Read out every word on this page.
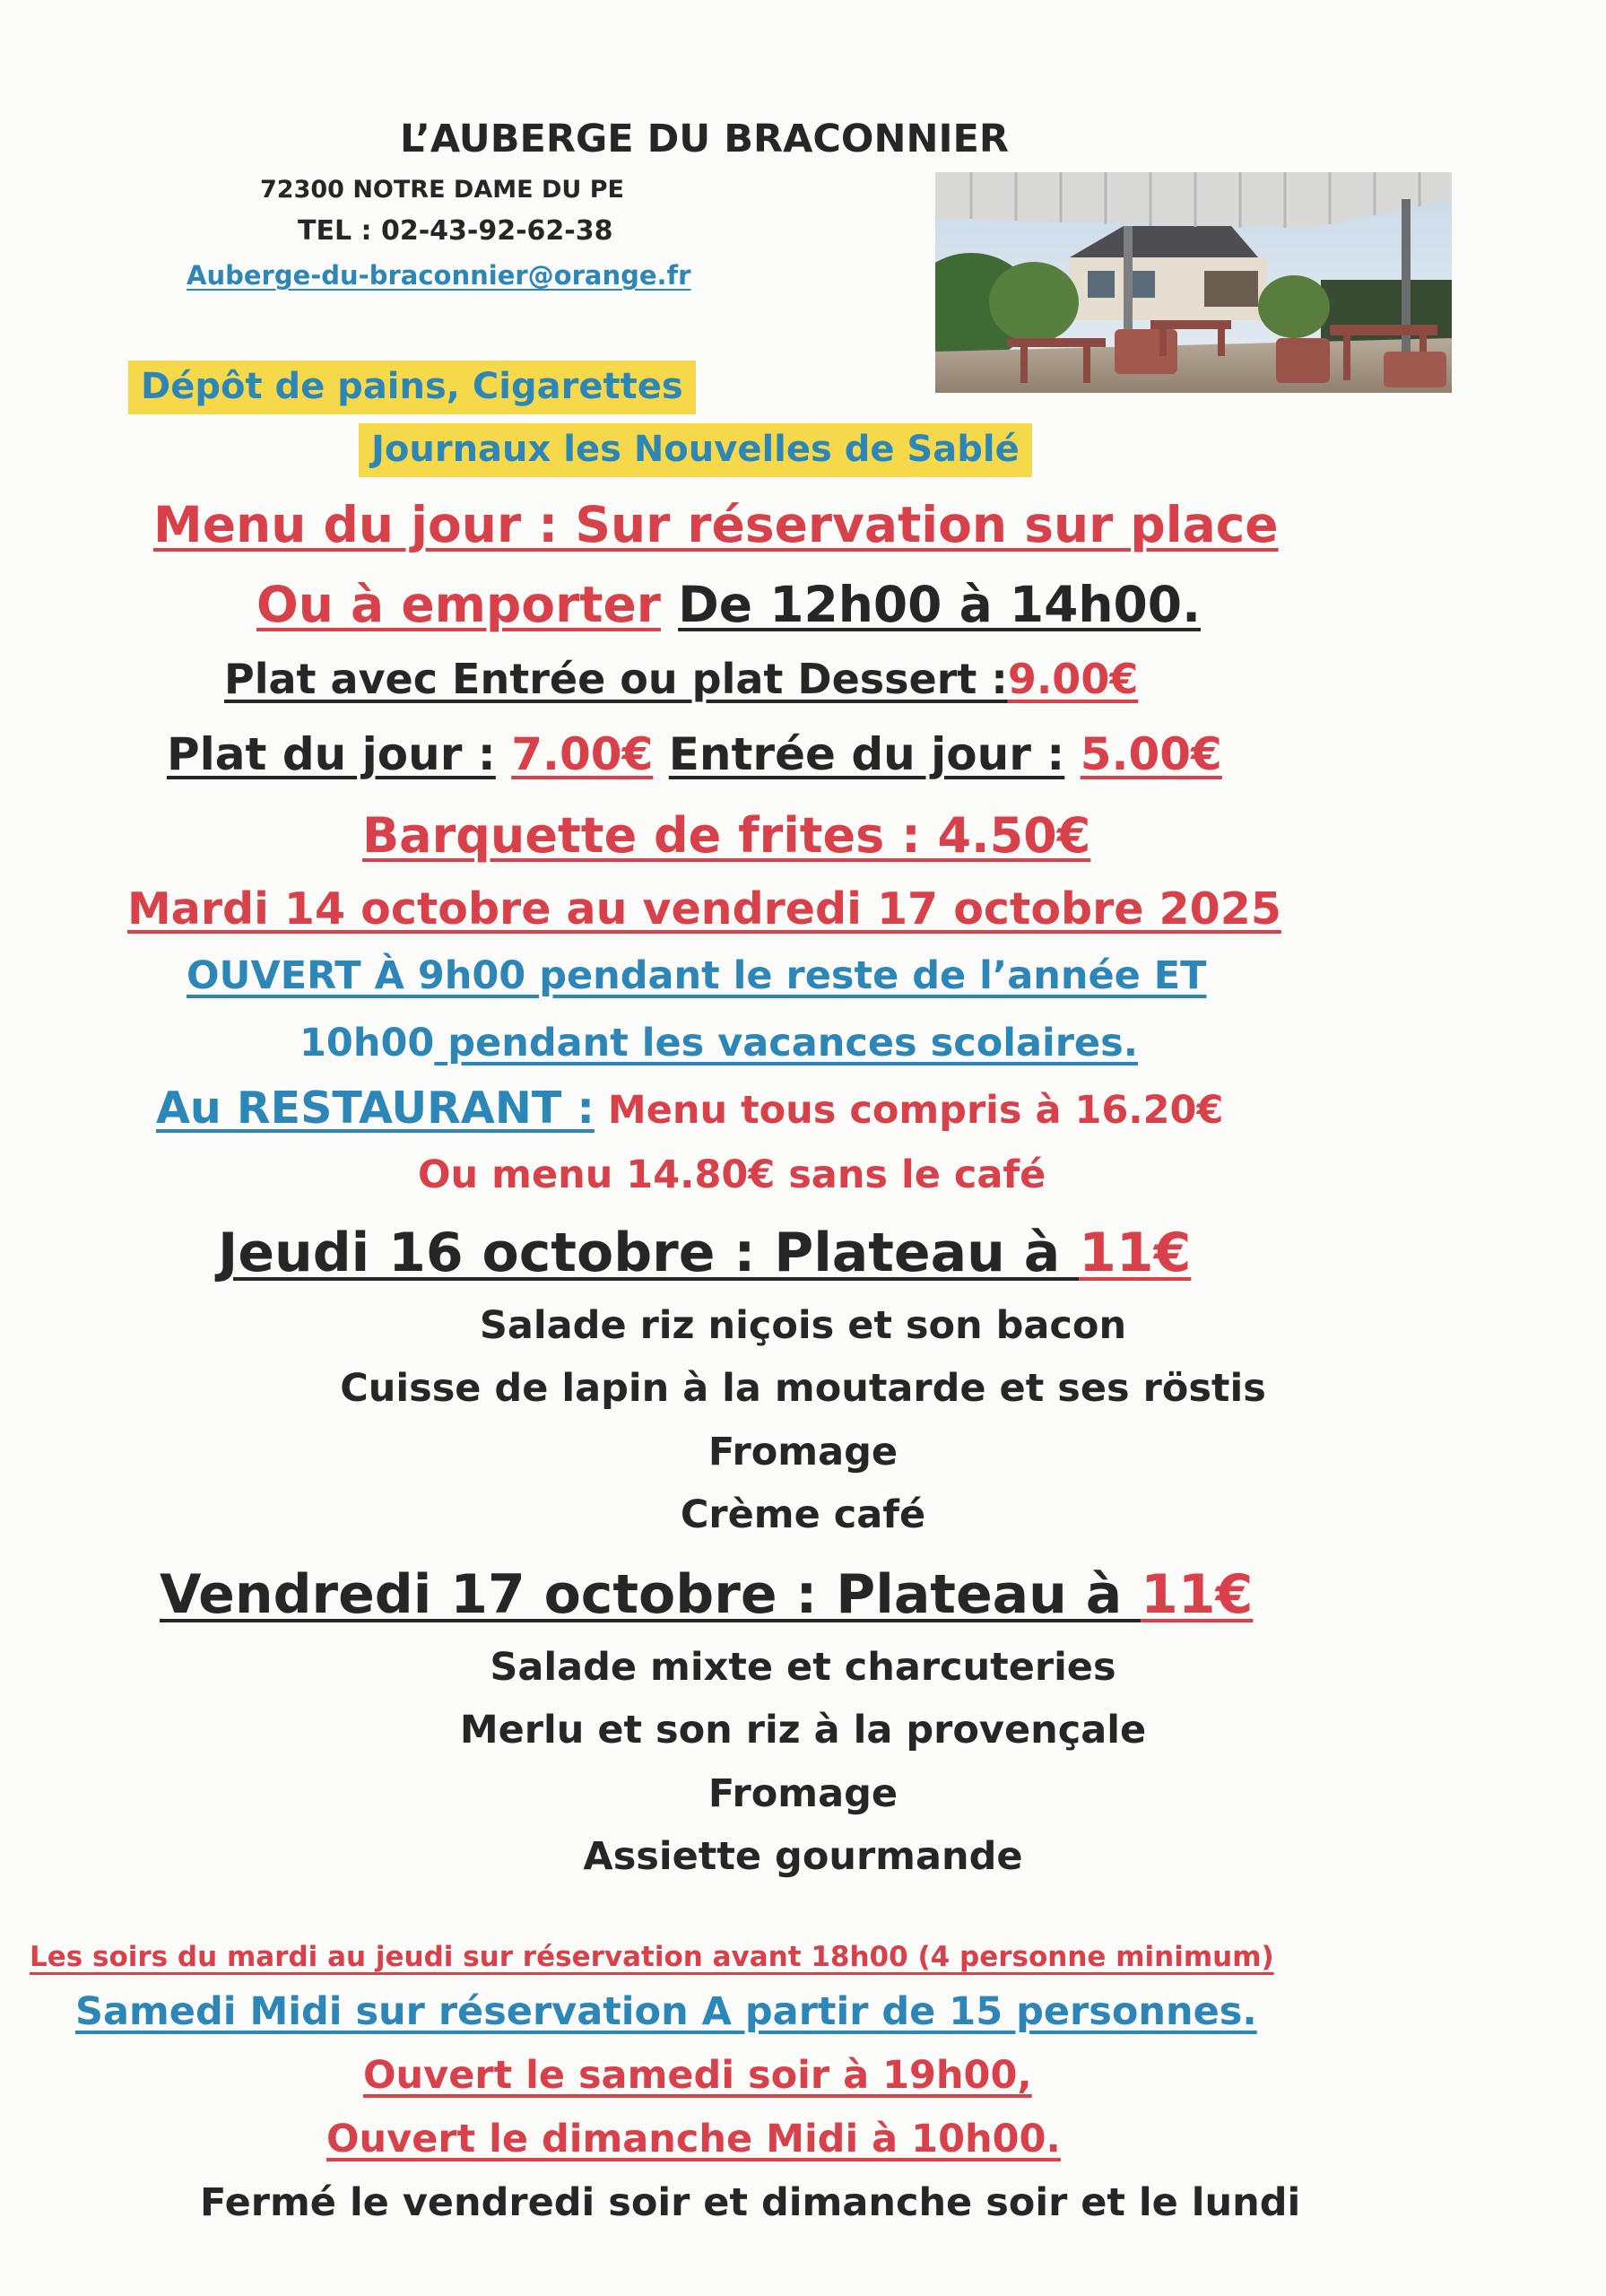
L’AUBERGE DU BRACONNIER
72300 NOTRE DAME DU PE
TEL : 02-43-92-62-38
Auberge-du-braconnier@orange.fr
Dépôt de pains, Cigarettes
Journaux les Nouvelles de Sablé
Menu du jour : Sur réservation sur place
Ou à emporter De 12h00 à 14h00.
Plat avec Entrée ou plat Dessert :9.00€
Plat du jour : 7.00€ Entrée du jour : 5.00€
Barquette de frites : 4.50€
Mardi 14 octobre au vendredi 17 octobre 2025
OUVERT À 9h00 pendant le reste de l’année ET
10h00 pendant les vacances scolaires.
Au RESTAURANT : Menu tous compris à 16.20€
Ou menu 14.80€ sans le café
Jeudi 16 octobre : Plateau à 11€
Salade riz niçois et son bacon
Cuisse de lapin à la moutarde et ses röstis
Fromage
Crème café
Vendredi 17 octobre : Plateau à 11€
Salade mixte et charcuteries
Merlu et son riz à la provençale
Fromage
Assiette gourmande
Les soirs du mardi au jeudi sur réservation avant 18h00 (4 personne minimum)
Samedi Midi sur réservation A partir de 15 personnes.
Ouvert le samedi soir à 19h00,
Ouvert le dimanche Midi à 10h00.
Fermé le vendredi soir et dimanche soir et le lundi
